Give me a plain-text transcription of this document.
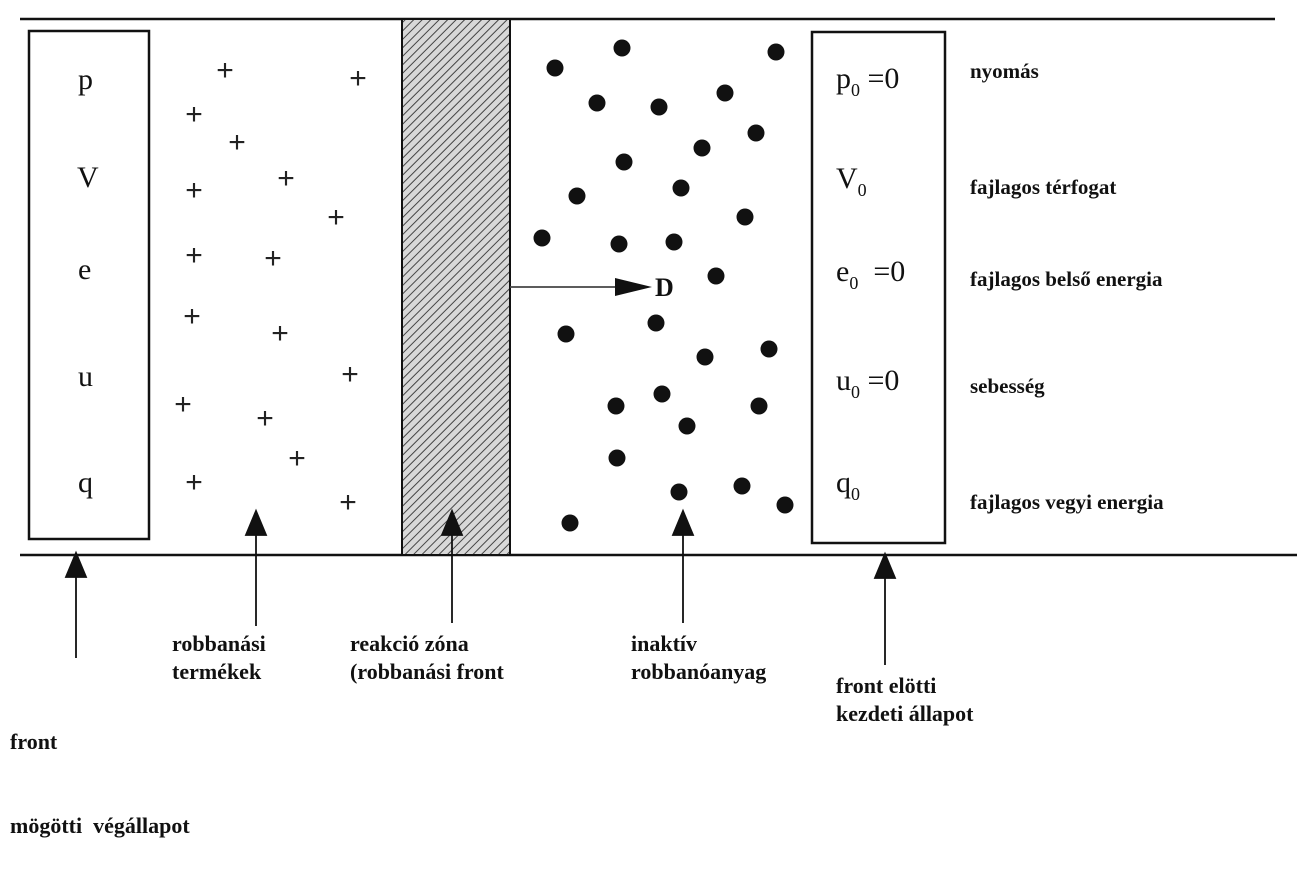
+	+
+
+
+ +
+
+ +
+
+
+
+ +
+
+
+
p
V
e
u
q
$p_0 =0$
$V_0$
$e_0 =0$
$u_0 =0$
$q_0$
D
nyomás
fajlagos térfogat
fajlagos belső energia
sebesség
fajlagos vegyi energia

front

mögötti  végállapot

robbanási
termékek
reakció zóna
(robbanási front
inaktív
robbanóanyag
front elötti
kezdeti állapot
